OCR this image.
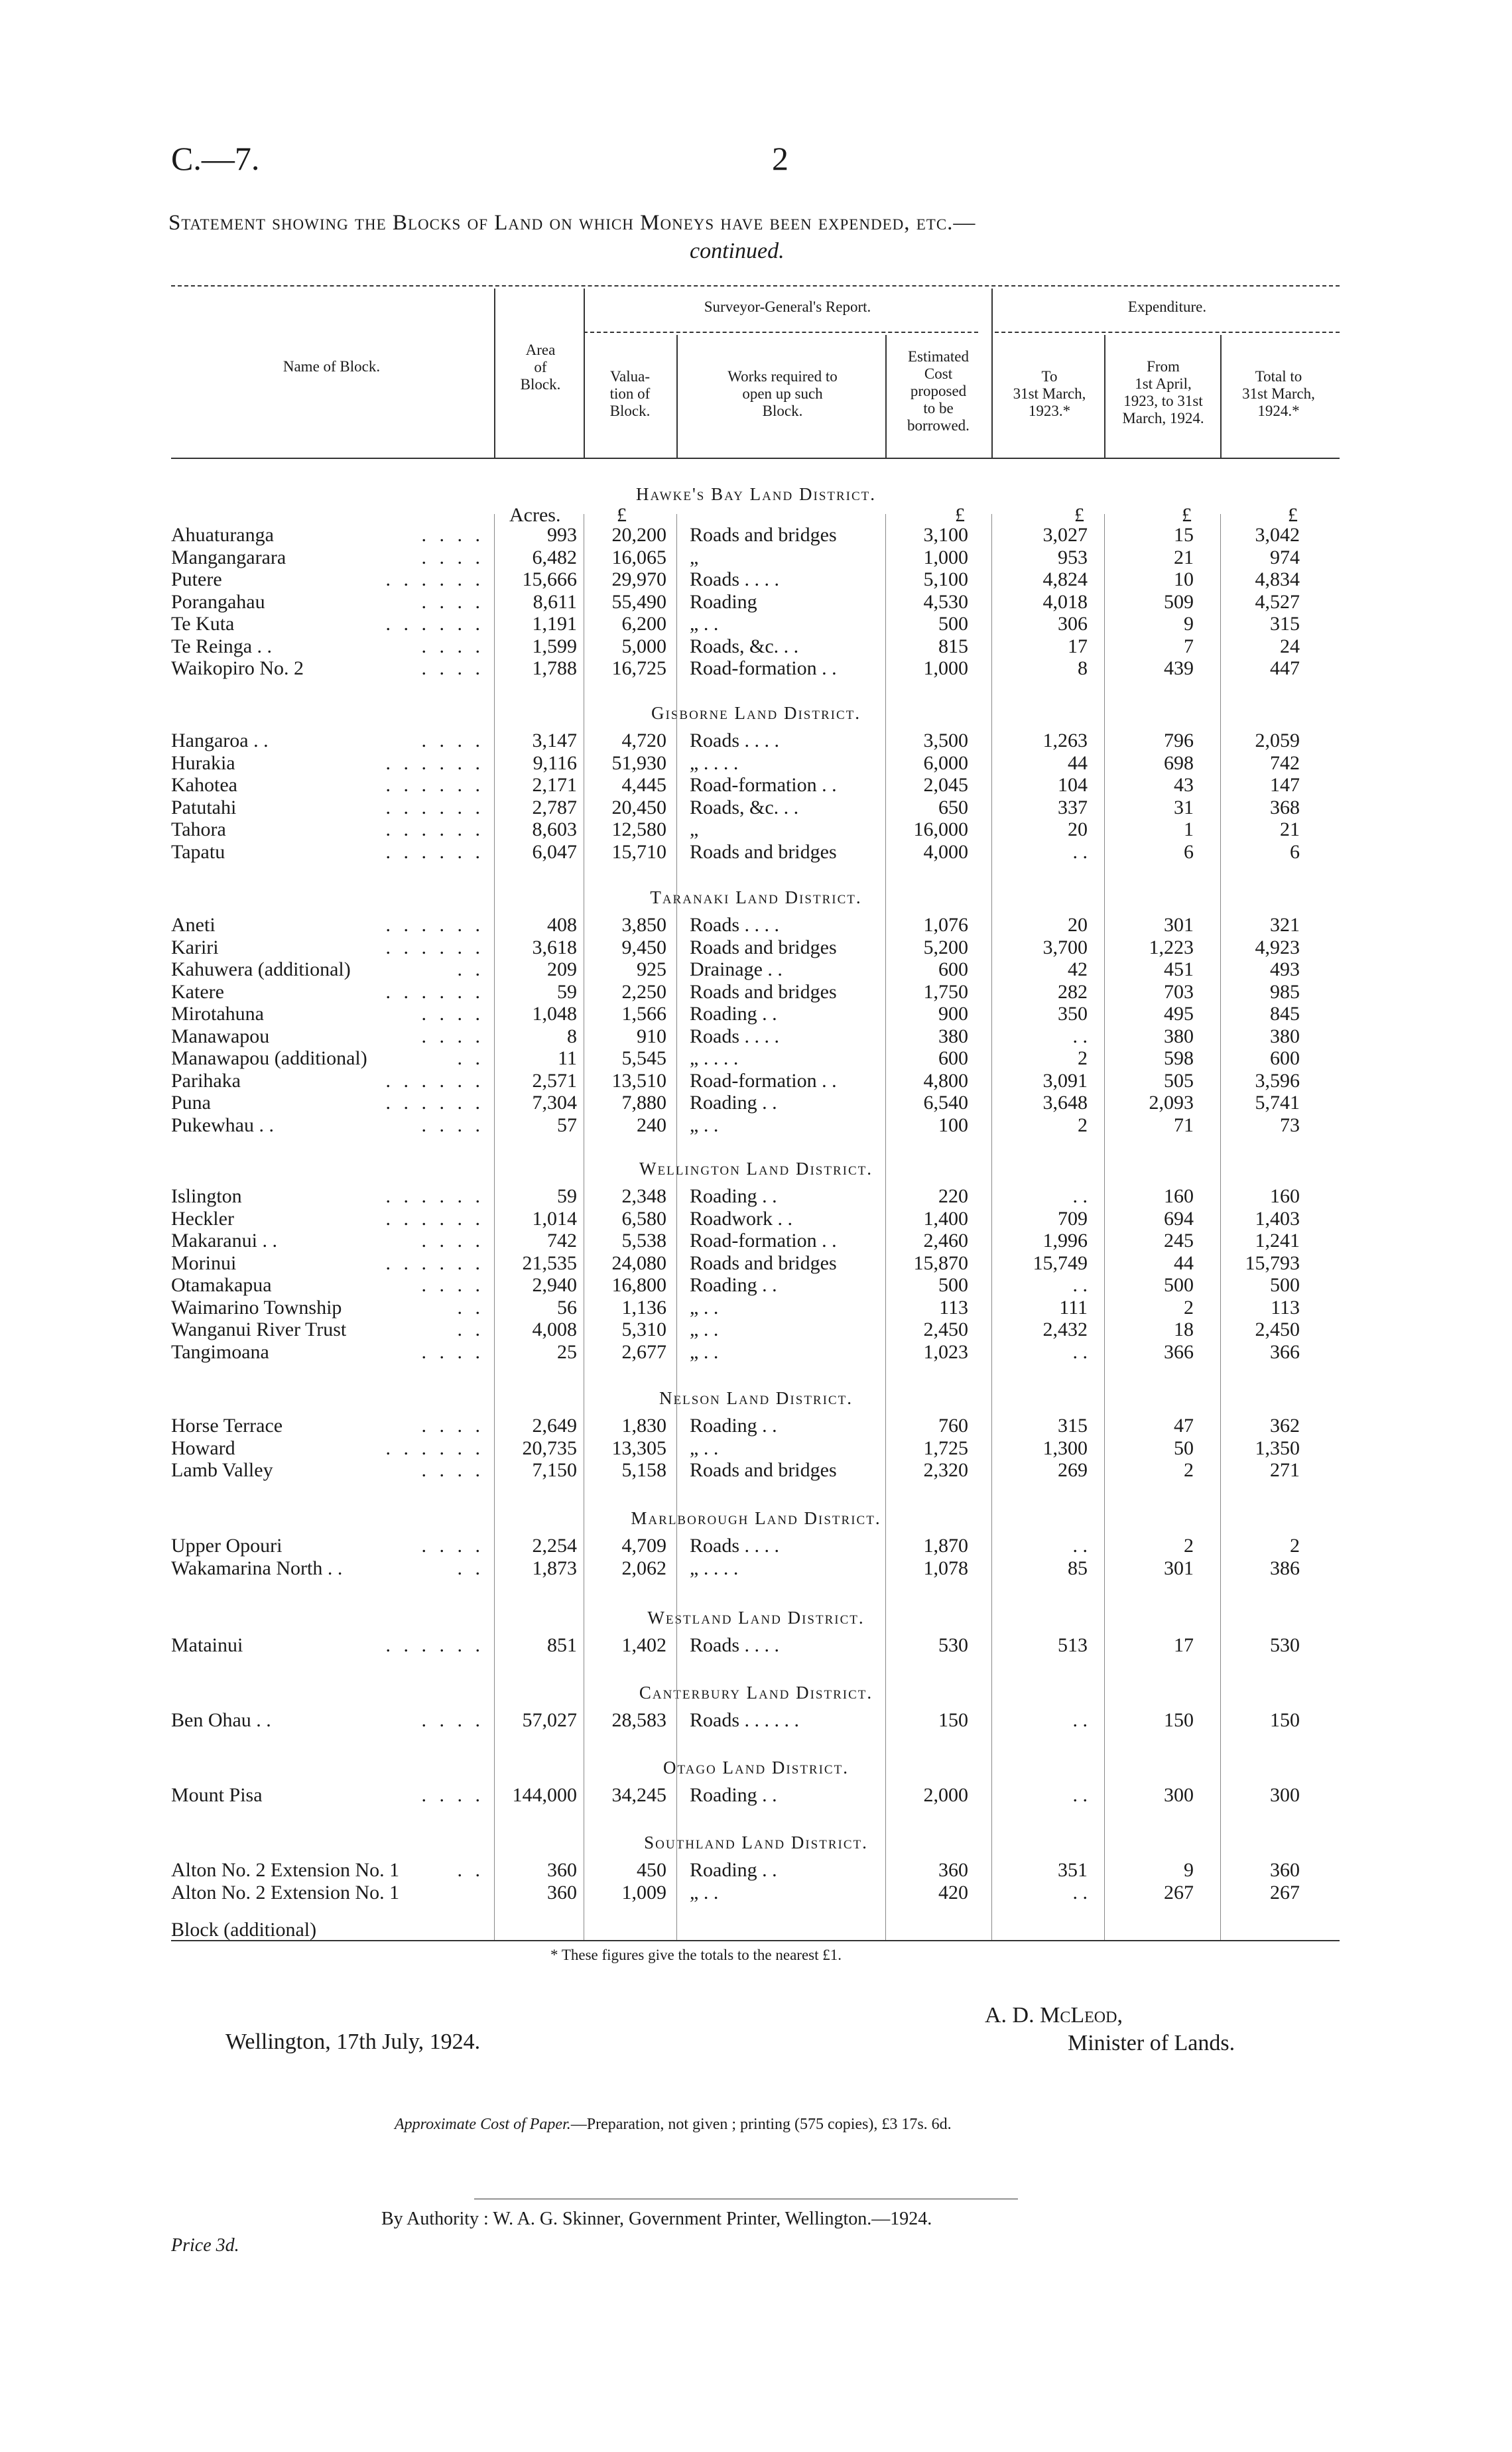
C.—7.	2
Statement showing the Blocks of Land on which Moneys have been expended, etc.—
continued.
Name of Block.
Area
of
Block.
Surveyor-General's Report.
Valua-
tion of
Block.
Works required to
open up such
Block.
Estimated
Cost
proposed
to be
borrowed.
Expenditure.
To
31st March,
1923.*
From
1st April,
1923, to 31st
March, 1924.
Total to
31st March,
1924.*
Acres.	£	£	£	£	£
Hawke's Bay Land District.
Ahuaturanga	. . . .	993	20,200 Roads and bridges	3,100	3,027	15	3,042
Mangangarara	. . . .	6,482	16,065 „	1,000	953	21	974
Putere	. . . . . .	15,666	29,970 Roads . . . .	5,100	4,824	10	4,834
Porangahau	. . . .	8,611	55,490 Roading	4,530	4,018	509	4,527
Te Kuta	. . . . . .	1,191	6,200 „ . .	500	306	9	315
Te Reinga . .	. . . .	1,599	5,000 Roads, &c. . .	815	17	7	24
Waikopiro No. 2	. . . .	1,788	16,725 Road-formation . .	1,000	8	439	447
Gisborne Land District.
Hangaroa . .	. . . .	3,147	4,720 Roads . . . .	3,500	1,263	796	2,059
Hurakia	. . . . . .	9,116	51,930 „ . . . .	6,000	44	698	742
Kahotea	. . . . . .	2,171	4,445 Road-formation . .	2,045	104	43	147
Patutahi	. . . . . .	2,787	20,450 Roads, &c. . .	650	337	31	368
Tahora	. . . . . .	8,603	12,580 „	16,000	20	1	21
Tapatu	. . . . . .	6,047	15,710 Roads and bridges	4,000	. .	6	6
Taranaki Land District.
Aneti	. . . . . .	408	3,850 Roads . . . .	1,076	20	301	321
Kariri	. . . . . .	3,618	9,450 Roads and bridges	5,200	3,700	1,223	4,923
Kahuwera (additional)	. .	209	925 Drainage . .	600	42	451	493
Katere	. . . . . .	59	2,250 Roads and bridges	1,750	282	703	985
Mirotahuna	. . . .	1,048	1,566 Roading . .	900	350	495	845
Manawapou	. . . .	8	910 Roads . . . .	380	. .	380	380
Manawapou (additional)	. .	11	5,545 „ . . . .	600	2	598	600
Parihaka	. . . . . .	2,571	13,510 Road-formation . .	4,800	3,091	505	3,596
Puna	. . . . . .	7,304	7,880 Roading . .	6,540	3,648	2,093	5,741
Pukewhau . .	. . . .	57	240 „ . .	100	2	71	73
Wellington Land District.
Islington	. . . . . .	59	2,348 Roading . .	220	. .	160	160
Heckler	. . . . . .	1,014	6,580 Roadwork . .	1,400	709	694	1,403
Makaranui . .	. . . .	742	5,538 Road-formation . .	2,460	1,996	245	1,241
Morinui	. . . . . .	21,535	24,080 Roads and bridges	15,870	15,749	44	15,793
Otamakapua	. . . .	2,940	16,800 Roading . .	500	. .	500	500
Waimarino Township	. .	56	1,136 „ . .	113	111	2	113
Wanganui River Trust	. .	4,008	5,310 „ . .	2,450	2,432	18	2,450
Tangimoana	. . . .	25	2,677 „ . .	1,023	. .	366	366
Nelson Land District.
Horse Terrace	. . . .	2,649	1,830 Roading . .	760	315	47	362
Howard	. . . . . .	20,735	13,305 „ . .	1,725	1,300	50	1,350
Lamb Valley	. . . .	7,150	5,158 Roads and bridges	2,320	269	2	271
Marlborough Land District.
Upper Opouri	. . . .	2,254	4,709 Roads . . . .	1,870	. .	2	2
Wakamarina North . .	. .	1,873	2,062 „ . . . .	1,078	85	301	386
Westland Land District.
Matainui	. . . . . .	851	1,402 Roads . . . .	530	513	17	530
Canterbury Land District.
Ben Ohau . .	. . . .	57,027	28,583 Roads . . . . . .	150	. .	150	150
Otago Land District.
Mount Pisa	. . . .	144,000	34,245 Roading . .	2,000	. .	300	300
Southland Land District.
Alton No. 2 Extension No. 1	. .	360	450 Roading . .	360	351	9	360
Alton No. 2 Extension No. 1	360	1,009 „ . .	420	. .	267	267
Block (additional)
* These figures give the totals to the nearest £1.
A. D. McLeod,
Wellington, 17th July, 1924.	Minister of Lands.
Approximate Cost of Paper.—Preparation, not given ; printing (575 copies), £3 17s. 6d.
By Authority : W. A. G. Skinner, Government Printer, Wellington.—1924.
Price 3d.
